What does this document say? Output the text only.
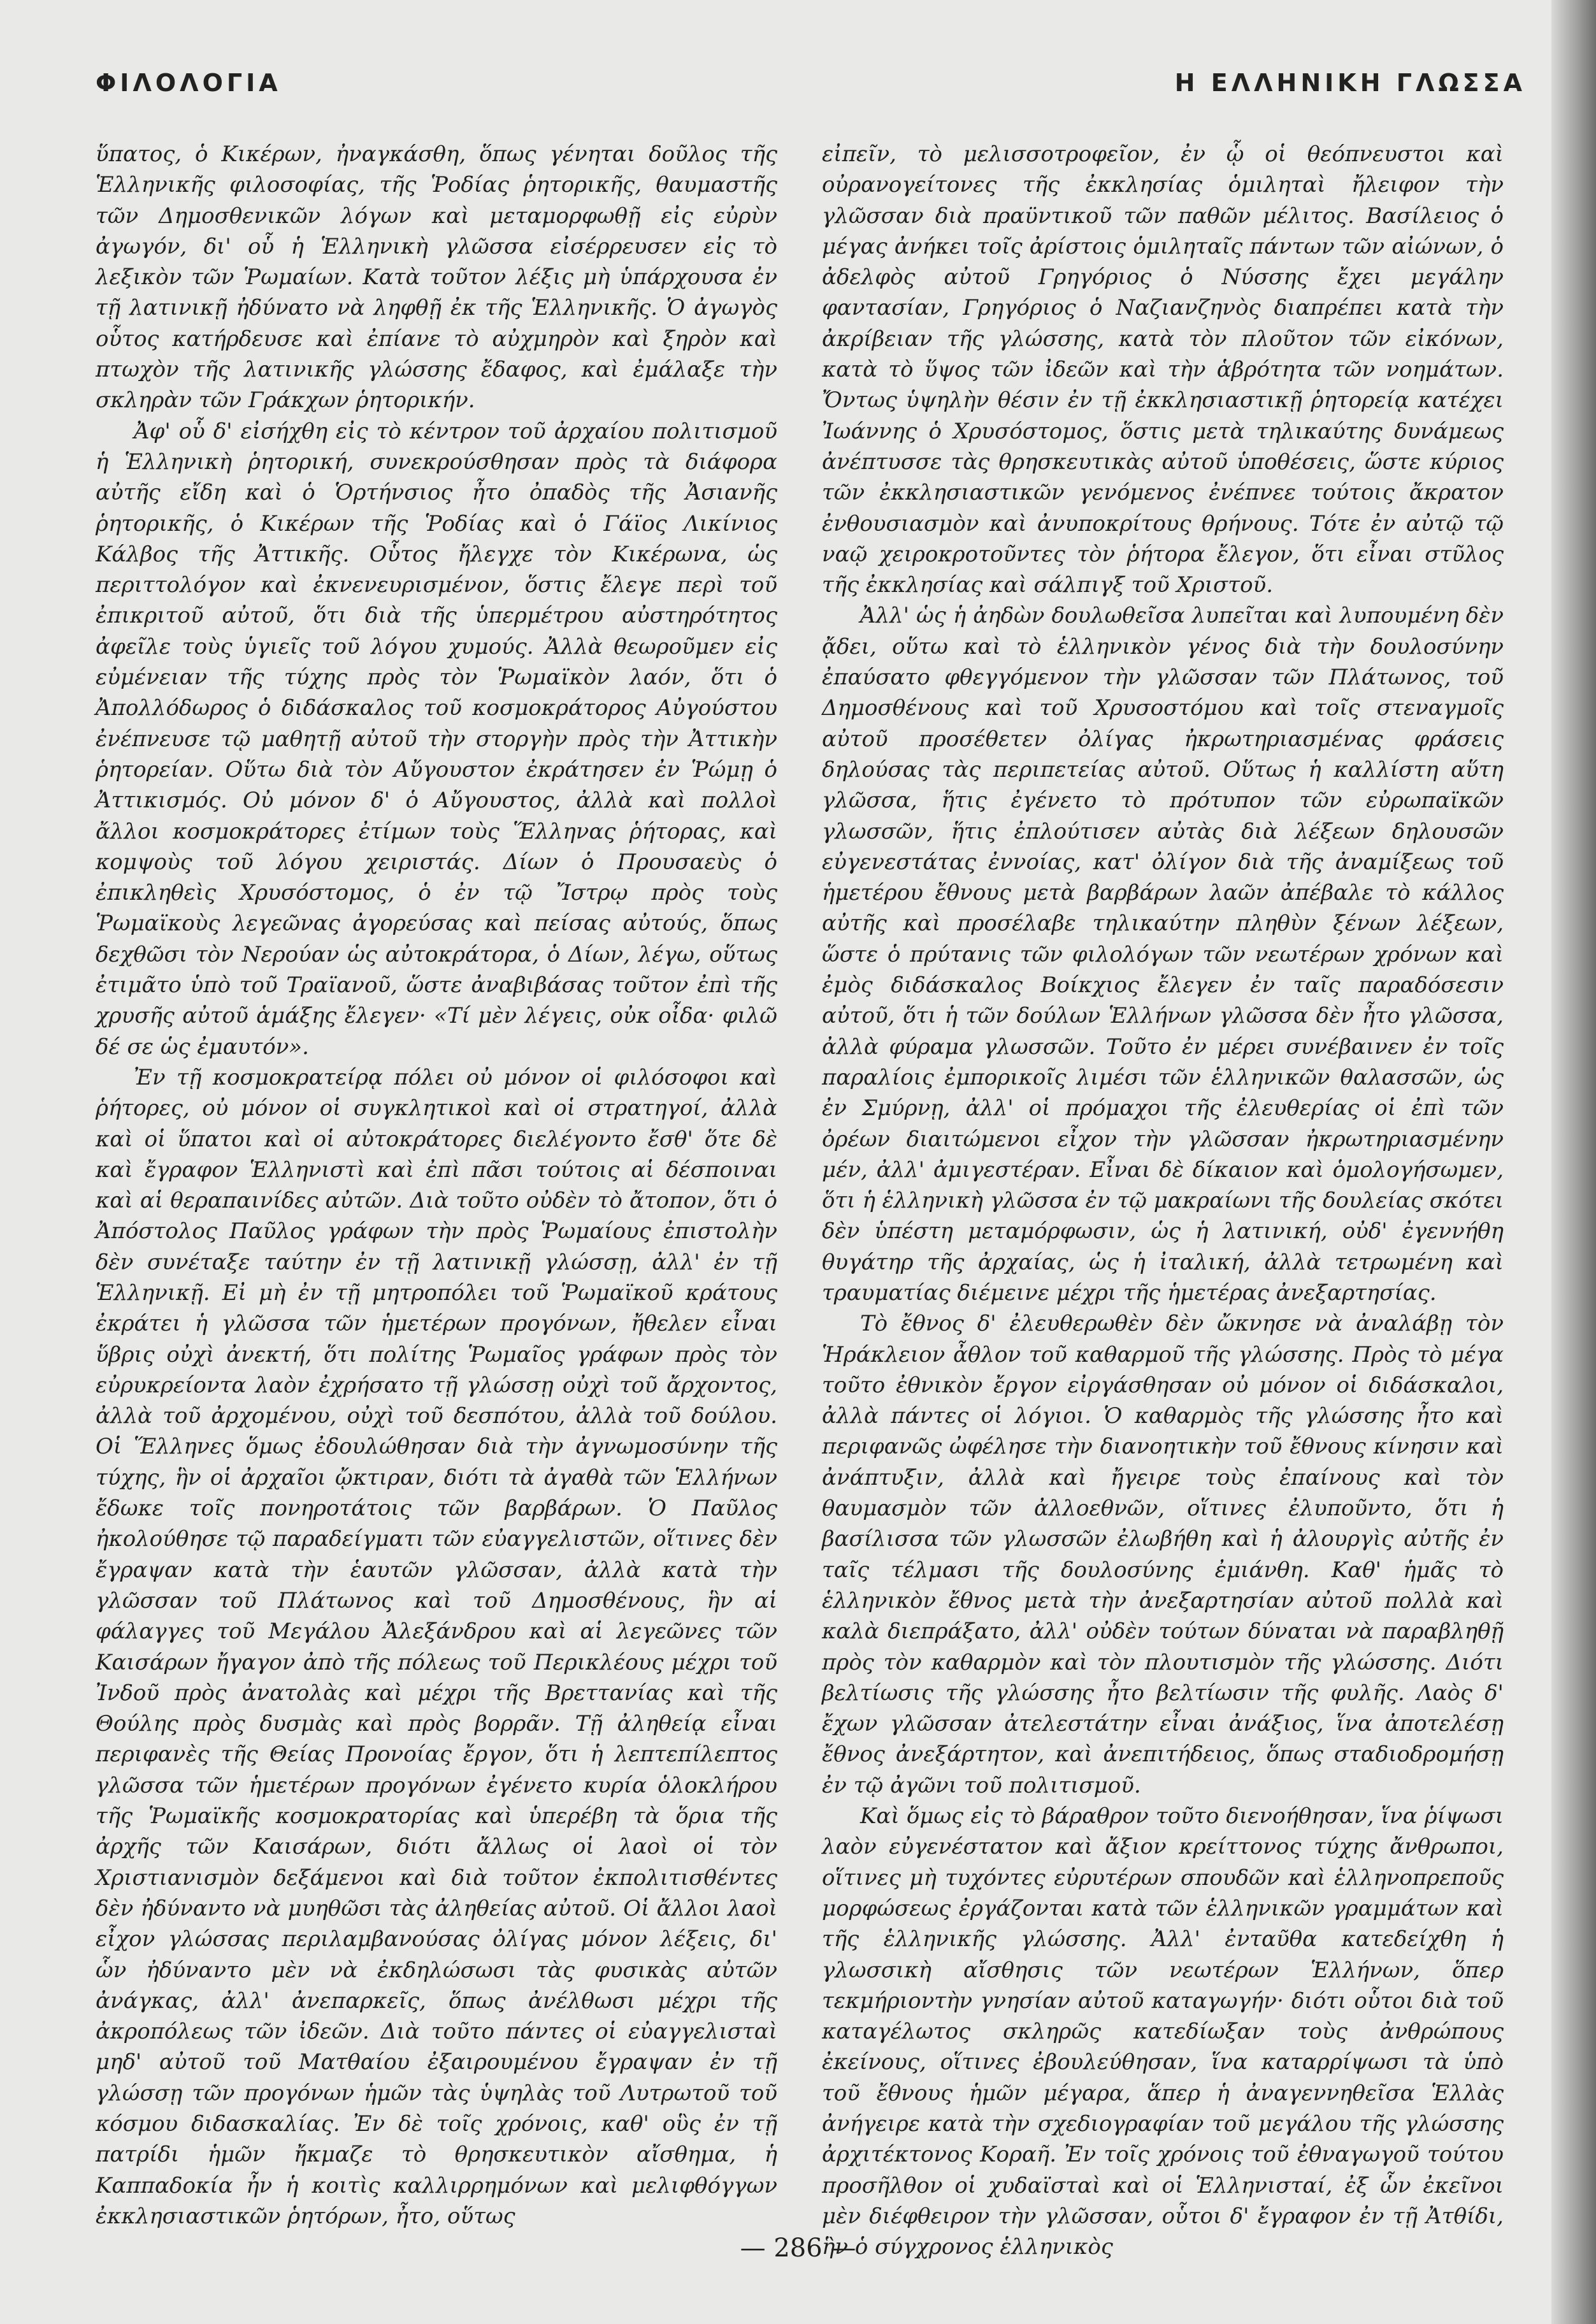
ΦΙΛΟΛΟΓΙΑ	Η ΕΛΛΗΝΙΚΗ ΓΛΩΣΣΑ

ὕπατος, ὁ Κικέρων, ἠναγκάσθη, ὅπως γένηται δοῦλος τῆς Ἑλληνικῆς φιλοσοφίας, τῆς Ῥοδίας ῥητορικῆς, θαυμαστῆς τῶν Δημοσθενικῶν λόγων καὶ μεταμορφωθῇ εἰς εὐρὺν ἀγωγόν, δι' οὗ ἡ Ἑλληνικὴ γλῶσσα εἰσέρρευσεν εἰς τὸ λεξικὸν τῶν Ῥωμαίων. Κατὰ τοῦτον λέξις μὴ ὑπάρχουσα ἐν τῇ λατινικῇ ἠδύνατο νὰ ληφθῇ ἐκ τῆς Ἑλληνικῆς. Ὁ ἀγωγὸς οὗτος κατήρδευσε καὶ ἐπίανε τὸ αὐχμηρὸν καὶ ξηρὸν καὶ πτωχὸν τῆς λατινικῆς γλώσσης ἔδαφος, καὶ ἐμάλαξε τὴν σκληρὰν τῶν Γράκχων ῥητορικήν.

Ἀφ' οὗ δ' εἰσήχθη εἰς τὸ κέντρον τοῦ ἀρχαίου πολιτισμοῦ ἡ Ἑλληνικὴ ῥητορική, συνεκρούσθησαν πρὸς τὰ διάφορα αὐτῆς εἴδη καὶ ὁ Ὁρτήνσιος ἦτο ὀπαδὸς τῆς Ἀσιανῆς ῥητορικῆς, ὁ Κικέρων τῆς Ῥοδίας καὶ ὁ Γάϊος Λικίνιος Κάλβος τῆς Ἀττικῆς. Οὗτος ἤλεγχε τὸν Κικέρωνα, ὡς περιττολόγον καὶ ἐκνενευρισμένον, ὅστις ἔλεγε περὶ τοῦ ἐπικριτοῦ αὐτοῦ, ὅτι διὰ τῆς ὑπερμέτρου αὐστηρότητος ἀφεῖλε τοὺς ὑγιεῖς τοῦ λόγου χυμούς. Ἀλλὰ θεωροῦμεν εἰς εὐμένειαν τῆς τύχης πρὸς τὸν Ῥωμαϊκὸν λαόν, ὅτι ὁ Ἀπολλόδωρος ὁ διδάσκαλος τοῦ κοσμοκράτορος Αὐγούστου ἐνέπνευσε τῷ μαθητῇ αὐτοῦ τὴν στοργὴν πρὸς τὴν Ἀττικὴν ῥητορείαν. Οὕτω διὰ τὸν Αὔγουστον ἐκράτησεν ἐν Ῥώμῃ ὁ Ἀττικισμός. Οὐ μόνον δ' ὁ Αὔγουστος, ἀλλὰ καὶ πολλοὶ ἄλλοι κοσμοκράτορες ἐτίμων τοὺς Ἕλληνας ῥήτορας, καὶ κομψοὺς τοῦ λόγου χειριστάς. Δίων ὁ Προυσαεὺς ὁ ἐπικληθεὶς Χρυσόστομος, ὁ ἐν τῷ Ἴστρῳ πρὸς τοὺς Ῥωμαϊκοὺς λεγεῶνας ἀγορεύσας καὶ πείσας αὐτούς, ὅπως δεχθῶσι τὸν Νερούαν ὡς αὐτοκράτορα, ὁ Δίων, λέγω, οὕτως ἐτιμᾶτο ὑπὸ τοῦ Τραϊανοῦ, ὥστε ἀναβιβάσας τοῦτον ἐπὶ τῆς χρυσῆς αὐτοῦ ἁμάξης ἔλεγεν· «Τί μὲν λέγεις, οὐκ οἶδα· φιλῶ δέ σε ὡς ἐμαυτόν».

Ἐν τῇ κοσμοκρατείρᾳ πόλει οὐ μόνον οἱ φιλόσοφοι καὶ ῥήτορες, οὐ μόνον οἱ συγκλητικοὶ καὶ οἱ στρατηγοί, ἀλλὰ καὶ οἱ ὕπατοι καὶ οἱ αὐτοκράτορες διελέγοντο ἔσθ' ὅτε δὲ καὶ ἔγραφον Ἑλληνιστὶ καὶ ἐπὶ πᾶσι τούτοις αἱ δέσποιναι καὶ αἱ θεραπαινίδες αὐτῶν. Διὰ τοῦτο οὐδὲν τὸ ἄτοπον, ὅτι ὁ Ἀπόστολος Παῦλος γράφων τὴν πρὸς Ῥωμαίους ἐπιστολὴν δὲν συνέταξε ταύτην ἐν τῇ λατινικῇ γλώσσῃ, ἀλλ' ἐν τῇ Ἑλληνικῇ. Εἰ μὴ ἐν τῇ μητροπόλει τοῦ Ῥωμαϊκοῦ κράτους ἐκράτει ἡ γλῶσσα τῶν ἡμετέρων προγόνων, ἤθελεν εἶναι ὕβρις οὐχὶ ἀνεκτή, ὅτι πολίτης Ῥωμαῖος γράφων πρὸς τὸν εὐρυκρείοντα λαὸν ἐχρήσατο τῇ γλώσσῃ οὐχὶ τοῦ ἄρχοντος, ἀλλὰ τοῦ ἀρχομένου, οὐχὶ τοῦ δεσπότου, ἀλλὰ τοῦ δούλου. Οἱ Ἕλληνες ὅμως ἐδουλώθησαν διὰ τὴν ἀγνωμοσύνην τῆς τύχης, ἣν οἱ ἀρχαῖοι ᾤκτιραν, διότι τὰ ἀγαθὰ τῶν Ἑλλήνων ἔδωκε τοῖς πονηροτάτοις τῶν βαρβάρων. Ὁ Παῦλος ἠκολούθησε τῷ παραδείγματι τῶν εὐαγγελιστῶν, οἵτινες δὲν ἔγραψαν κατὰ τὴν ἑαυτῶν γλῶσσαν, ἀλλὰ κατὰ τὴν γλῶσσαν τοῦ Πλάτωνος καὶ τοῦ Δημοσθένους, ἣν αἱ φάλαγγες τοῦ Μεγάλου Ἀλεξάνδρου καὶ αἱ λεγεῶνες τῶν Καισάρων ἤγαγον ἀπὸ τῆς πόλεως τοῦ Περικλέους μέχρι τοῦ Ἰνδοῦ πρὸς ἀνατολὰς καὶ μέχρι τῆς Βρεττανίας καὶ τῆς Θούλης πρὸς δυσμὰς καὶ πρὸς βορρᾶν. Τῇ ἀληθείᾳ εἶναι περιφανὲς τῆς Θείας Προνοίας ἔργον, ὅτι ἡ λεπτεπίλεπτος γλῶσσα τῶν ἡμετέρων προγόνων ἐγένετο κυρία ὁλοκλήρου τῆς Ῥωμαϊκῆς κοσμοκρατορίας καὶ ὑπερέβη τὰ ὅρια τῆς ἀρχῆς τῶν Καισάρων, διότι ἄλλως οἱ λαοὶ οἱ τὸν Χριστιανισμὸν δεξάμενοι καὶ διὰ τοῦτον ἐκπολιτισθέντες δὲν ἠδύναντο νὰ μυηθῶσι τὰς ἀληθείας αὐτοῦ. Οἱ ἄλλοι λαοὶ εἶχον γλώσσας περιλαμβανούσας ὀλίγας μόνον λέξεις, δι' ὧν ἠδύναντο μὲν νὰ ἐκδηλώσωσι τὰς φυσικὰς αὐτῶν ἀνάγκας, ἀλλ' ἀνεπαρκεῖς, ὅπως ἀνέλθωσι μέχρι τῆς ἀκροπόλεως τῶν ἰδεῶν. Διὰ τοῦτο πάντες οἱ εὐαγγελισταὶ μηδ' αὐτοῦ τοῦ Ματθαίου ἐξαιρουμένου ἔγραψαν ἐν τῇ γλώσσῃ τῶν προγόνων ἡμῶν τὰς ὑψηλὰς τοῦ Λυτρωτοῦ τοῦ κόσμου διδασκαλίας. Ἐν δὲ τοῖς χρόνοις, καθ' οὓς ἐν τῇ πατρίδι ἡμῶν ἤκμαζε τὸ θρησκευτικὸν αἴσθημα, ἡ Καππαδοκία ἦν ἡ κοιτὶς καλλιρρημόνων καὶ μελιφθόγγων ἐκκλησιαστικῶν ῥητόρων, ἦτο, οὕτως

εἰπεῖν, τὸ μελισσοτροφεῖον, ἐν ᾧ οἱ θεόπνευστοι καὶ οὐρανογείτονες τῆς ἐκκλησίας ὁμιληταὶ ἤλειφον τὴν γλῶσσαν διὰ πραϋντικοῦ τῶν παθῶν μέλιτος. Βασίλειος ὁ μέγας ἀνήκει τοῖς ἀρίστοις ὁμιληταῖς πάντων τῶν αἰώνων, ὁ ἀδελφὸς αὐτοῦ Γρηγόριος ὁ Νύσσης ἔχει μεγάλην φαντασίαν, Γρηγόριος ὁ Ναζιανζηνὸς διαπρέπει κατὰ τὴν ἀκρίβειαν τῆς γλώσσης, κατὰ τὸν πλοῦτον τῶν εἰκόνων, κατὰ τὸ ὕψος τῶν ἰδεῶν καὶ τὴν ἁβρότητα τῶν νοημάτων. Ὄντως ὑψηλὴν θέσιν ἐν τῇ ἐκκλησιαστικῇ ῥητορείᾳ κατέχει Ἰωάννης ὁ Χρυσόστομος, ὅστις μετὰ τηλικαύτης δυνάμεως ἀνέπτυσσε τὰς θρησκευτικὰς αὐτοῦ ὑποθέσεις, ὥστε κύριος τῶν ἐκκλησιαστικῶν γενόμενος ἐνέπνεε τούτοις ἄκρατον ἐνθουσιασμὸν καὶ ἀνυποκρίτους θρήνους. Τότε ἐν αὐτῷ τῷ ναῷ χειροκροτοῦντες τὸν ῥήτορα ἔλεγον, ὅτι εἶναι στῦλος τῆς ἐκκλησίας καὶ σάλπιγξ τοῦ Χριστοῦ.

Ἀλλ' ὡς ἡ ἀηδὼν δουλωθεῖσα λυπεῖται καὶ λυπουμένη δὲν ᾄδει, οὕτω καὶ τὸ ἑλληνικὸν γένος διὰ τὴν δουλοσύνην ἐπαύσατο φθεγγόμενον τὴν γλῶσσαν τῶν Πλάτωνος, τοῦ Δημοσθένους καὶ τοῦ Χρυσοστόμου καὶ τοῖς στεναγμοῖς αὐτοῦ προσέθετεν ὀλίγας ἠκρωτηριασμένας φράσεις δηλούσας τὰς περιπετείας αὐτοῦ. Οὕτως ἡ καλλίστη αὕτη γλῶσσα, ἥτις ἐγένετο τὸ πρότυπον τῶν εὐρωπαϊκῶν γλωσσῶν, ἥτις ἐπλούτισεν αὐτὰς διὰ λέξεων δηλουσῶν εὐγενεστάτας ἐννοίας, κατ' ὀλίγον διὰ τῆς ἀναμίξεως τοῦ ἡμετέρου ἔθνους μετὰ βαρβάρων λαῶν ἀπέβαλε τὸ κάλλος αὐτῆς καὶ προσέλαβε τηλικαύτην πληθὺν ξένων λέξεων, ὥστε ὁ πρύτανις τῶν φιλολόγων τῶν νεωτέρων χρόνων καὶ ἐμὸς διδάσκαλος Βοίκχιος ἔλεγεν ἐν ταῖς παραδόσεσιν αὐτοῦ, ὅτι ἡ τῶν δούλων Ἑλλήνων γλῶσσα δὲν ἦτο γλῶσσα, ἀλλὰ φύραμα γλωσσῶν. Τοῦτο ἐν μέρει συνέβαινεν ἐν τοῖς παραλίοις ἐμπορικοῖς λιμέσι τῶν ἑλληνικῶν θαλασσῶν, ὡς ἐν Σμύρνῃ, ἀλλ' οἱ πρόμαχοι τῆς ἐλευθερίας οἱ ἐπὶ τῶν ὀρέων διαιτώμενοι εἶχον τὴν γλῶσσαν ἠκρωτηριασμένην μέν, ἀλλ' ἀμιγεστέραν. Εἶναι δὲ δίκαιον καὶ ὁμολογήσωμεν, ὅτι ἡ ἑλληνικὴ γλῶσσα ἐν τῷ μακραίωνι τῆς δουλείας σκότει δὲν ὑπέστη μεταμόρφωσιν, ὡς ἡ λατινική, οὐδ' ἐγεννήθη θυγάτηρ τῆς ἀρχαίας, ὡς ἡ ἰταλική, ἀλλὰ τετρωμένη καὶ τραυματίας διέμεινε μέχρι τῆς ἡμετέρας ἀνεξαρτησίας.

Τὸ ἔθνος δ' ἐλευθερωθὲν δὲν ὤκνησε νὰ ἀναλάβῃ τὸν Ἡράκλειον ἆθλον τοῦ καθαρμοῦ τῆς γλώσσης. Πρὸς τὸ μέγα τοῦτο ἐθνικὸν ἔργον εἰργάσθησαν οὐ μόνον οἱ διδάσκαλοι, ἀλλὰ πάντες οἱ λόγιοι. Ὁ καθαρμὸς τῆς γλώσσης ἦτο καὶ περιφανῶς ὠφέλησε τὴν διανοητικὴν τοῦ ἔθνους κίνησιν καὶ ἀνάπτυξιν, ἀλλὰ καὶ ἤγειρε τοὺς ἐπαίνους καὶ τὸν θαυμασμὸν τῶν ἀλλοεθνῶν, οἵτινες ἐλυποῦντο, ὅτι ἡ βασίλισσα τῶν γλωσσῶν ἐλωβήθη καὶ ἡ ἀλουργὶς αὐτῆς ἐν ταῖς τέλμασι τῆς δουλοσύνης ἐμιάνθη. Καθ' ἡμᾶς τὸ ἑλληνικὸν ἔθνος μετὰ τὴν ἀνεξαρτησίαν αὐτοῦ πολλὰ καὶ καλὰ διεπράξατο, ἀλλ' οὐδὲν τούτων δύναται νὰ παραβληθῇ πρὸς τὸν καθαρμὸν καὶ τὸν πλουτισμὸν τῆς γλώσσης. Διότι βελτίωσις τῆς γλώσσης ἦτο βελτίωσιν τῆς φυλῆς. Λαὸς δ' ἔχων γλῶσσαν ἀτελεστάτην εἶναι ἀνάξιος, ἵνα ἀποτελέσῃ ἔθνος ἀνεξάρτητον, καὶ ἀνεπιτήδειος, ὅπως σταδιοδρομήσῃ ἐν τῷ ἀγῶνι τοῦ πολιτισμοῦ.

Καὶ ὅμως εἰς τὸ βάραθρον τοῦτο διενοήθησαν, ἵνα ῥίψωσι λαὸν εὐγενέστατον καὶ ἄξιον κρείττονος τύχης ἄνθρωποι, οἵτινες μὴ τυχόντες εὐρυτέρων σπουδῶν καὶ ἑλληνοπρεποῦς μορφώσεως ἐργάζονται κατὰ τῶν ἑλληνικῶν γραμμάτων καὶ τῆς ἑλληνικῆς γλώσσης. Ἀλλ' ἐνταῦθα κατεδείχθη ἡ γλωσσικὴ αἴσθησις τῶν νεωτέρων Ἑλλήνων, ὅπερ τεκμήριοντὴν γνησίαν αὐτοῦ καταγωγήν· διότι οὗτοι διὰ τοῦ καταγέλωτος σκληρῶς κατεδίωξαν τοὺς ἀνθρώπους ἐκείνους, οἵτινες ἐβουλεύθησαν, ἵνα καταρρίψωσι τὰ ὑπὸ τοῦ ἔθνους ἡμῶν μέγαρα, ἅπερ ἡ ἀναγεννηθεῖσα Ἑλλὰς ἀνήγειρε κατὰ τὴν σχεδιογραφίαν τοῦ μεγάλου τῆς γλώσσης ἀρχιτέκτονος Κοραῆ. Ἐν τοῖς χρόνοις τοῦ ἐθναγωγοῦ τούτου προσῆλθον οἱ χυδαϊσταὶ καὶ οἱ Ἑλληνισταί, ἐξ ὧν ἐκεῖνοι μὲν διέφθειρον τὴν γλῶσσαν, οὗτοι δ' ἔγραφον ἐν τῇ Ἀτθίδι, ἣν ὁ σύγχρονος ἑλληνικὸς

— 286 —
